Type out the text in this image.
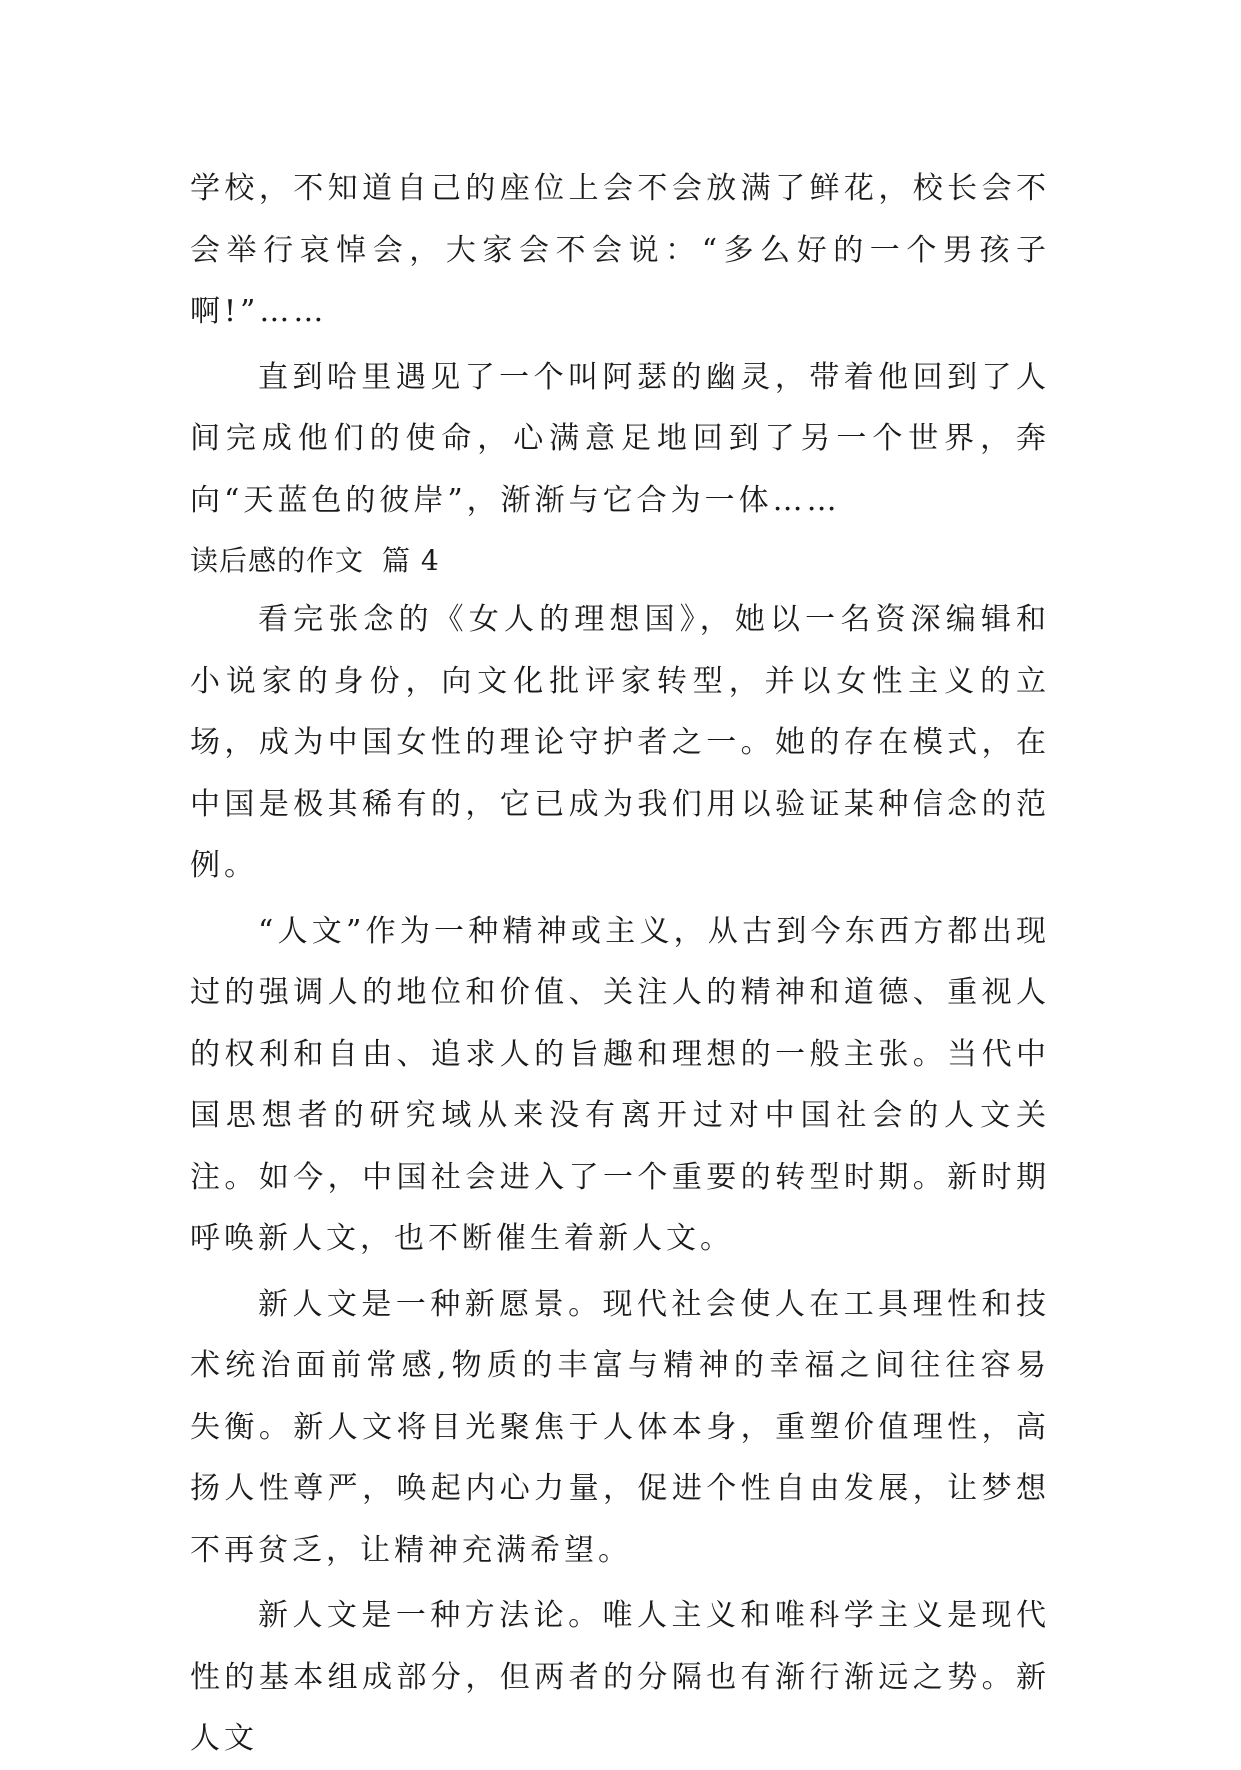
学校，不知道自己的座位上会不会放满了鲜花，校长会不会举行哀悼会，大家会不会说：“多么好的一个男孩子啊!”……

直到哈里遇见了一个叫阿瑟的幽灵，带着他回到了人间完成他们的使命，心满意足地回到了另一个世界，奔向“天蓝色的彼岸”，渐渐与它合为一体……

读后感的作文 篇 4

看完张念的《女人的理想国》，她以一名资深编辑和小说家的身份，向文化批评家转型，并以女性主义的立场，成为中国女性的理论守护者之一。她的存在模式，在中国是极其稀有的，它已成为我们用以验证某种信念的范例。

“人文”作为一种精神或主义，从古到今东西方都出现过的强调人的地位和价值、关注人的精神和道德、重视人的权利和自由、追求人的旨趣和理想的一般主张。当代中国思想者的研究域从来没有离开过对中国社会的人文关注。如今，中国社会进入了一个重要的转型时期。新时期呼唤新人文，也不断催生着新人文。

新人文是一种新愿景。现代社会使人在工具理性和技术统治面前常感,物质的丰富与精神的幸福之间往往容易失衡。新人文将目光聚焦于人体本身，重塑价值理性，高扬人性尊严，唤起内心力量，促进个性自由发展，让梦想不再贫乏，让精神充满希望。

新人文是一种方法论。唯人主义和唯科学主义是现代性的基本组成部分，但两者的分隔也有渐行渐远之势。新人文
